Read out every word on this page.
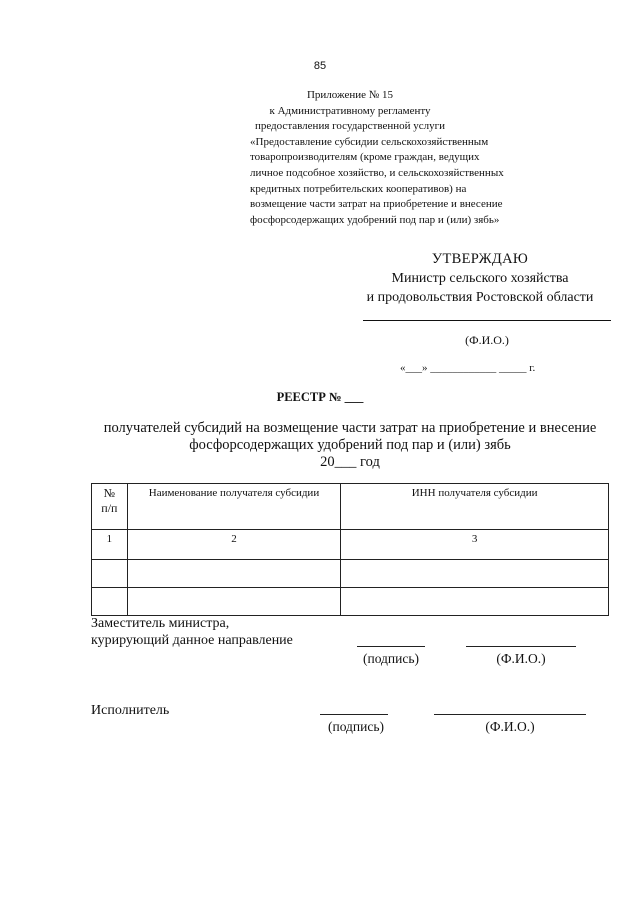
85
Приложение № 15
к Административному регламенту
предоставления государственной услуги
«Предоставление субсидии сельскохозяйственным
товаропроизводителям (кроме граждан, ведущих
личное подсобное хозяйство, и сельскохозяйственных
кредитных потребительских кооперативов) на
возмещение части затрат на приобретение и внесение
фосфорсодержащих удобрений под пар и (или) зябь»
УТВЕРЖДАЮ
Министр сельского хозяйства
и продовольствия Ростовской области
(Ф.И.О.)
«___» ____________ _____ г.
РЕЕСТР № ___
получателей субсидий на возмещение части затрат на приобретение и внесение
фосфорсодержащих удобрений под пар и (или) зябь
20___ год
№
п/п	Наименование получателя субсидии	ИНН получателя субсидии
1	2	3

Заместитель министра,
курирующий данное направление
(подпись)	(Ф.И.О.)
Исполнитель
(подпись)	(Ф.И.О.)
